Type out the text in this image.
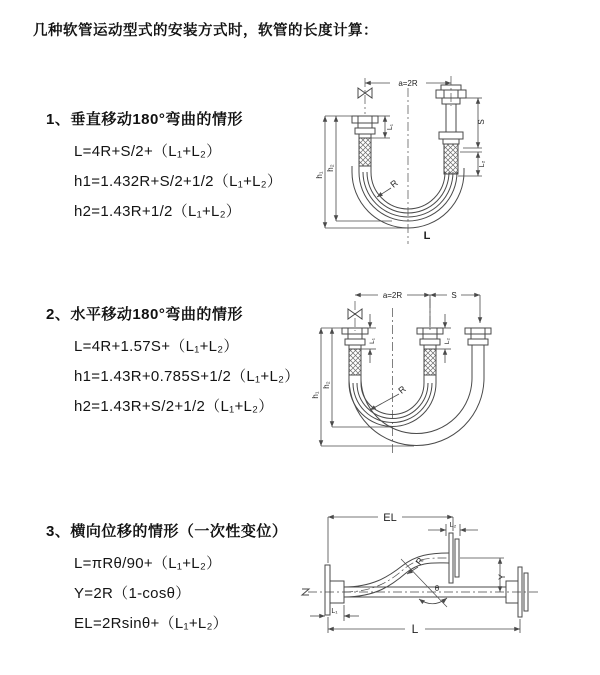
几种软管运动型式的安装方式时，软管的长度计算：

1、垂直移动180°弯曲的情形

L=4R+S/2+（L₁+L₂）

h1=1.432R+S/2+1/2（L₁+L₂）

h2=1.43R+1/2（L₁+L₂）

2、水平移动180°弯曲的情形

L=4R+1.57S+（L₁+L₂）

h1=1.43R+0.785S+1/2（L₁+L₂）

h2=1.43R+S/2+1/2（L₁+L₂）

3、横向位移的情形（一次性变位）

L=πRθ/90+（L₁+L₂）

Y=2R（1-cosθ）

EL=2Rsinθ+（L₁+L₂）

a=2R
h₁
h₂
L₁
S
L₂
R
L
a=2R	S
h₁
h₂
L₁	L₂
R
EL
L₂
Y
R
θ
L₁
L
